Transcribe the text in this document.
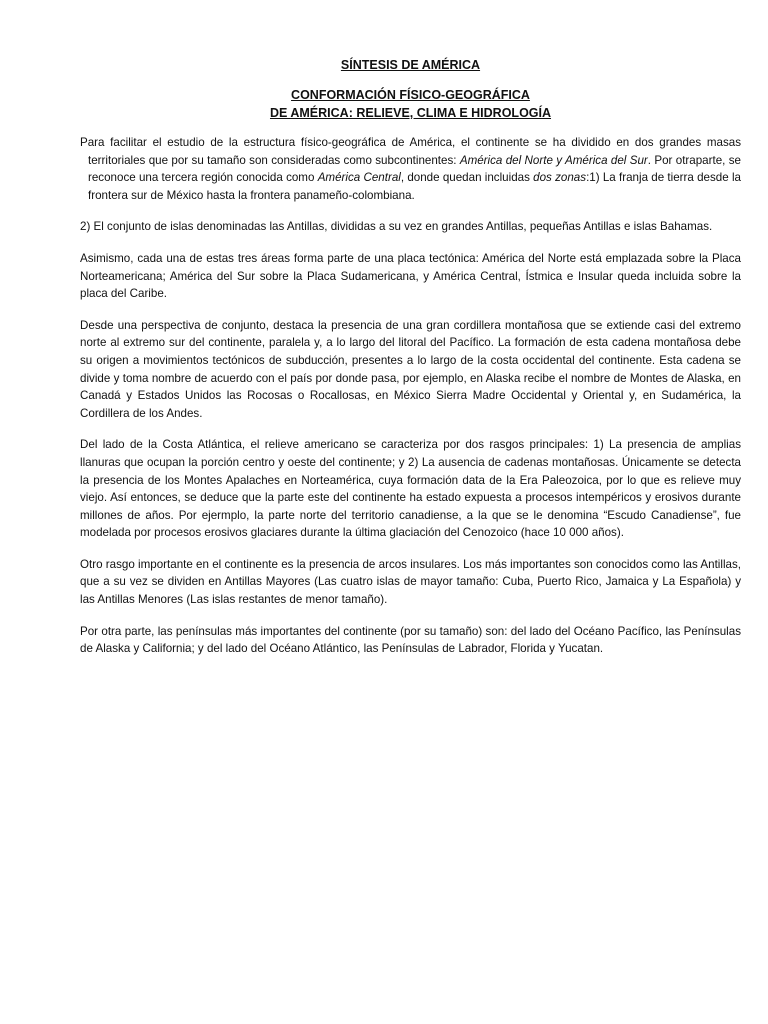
SÍNTESIS DE AMÉRICA
CONFORMACIÓN FÍSICO-GEOGRÁFICA
DE AMÉRICA: RELIEVE, CLIMA E HIDROLOGÍA

Para facilitar el estudio de la estructura físico-geográfica de América, el continente se ha dividido en dos grandes masas territoriales que por su tamaño son consideradas como subcontinentes: América del Norte y América del Sur. Por otraparte, se reconoce una tercera región conocida como América Central, donde quedan incluidas dos zonas:1) La franja de tierra desde la frontera sur de México hasta la frontera panameño-colombiana.

2) El conjunto de islas denominadas las Antillas, divididas a su vez en grandes Antillas, pequeñas Antillas e islas Bahamas.

Asimismo, cada una de estas tres áreas forma parte de una placa tectónica: América del Norte está emplazada sobre la Placa Norteamericana; América del Sur sobre la Placa Sudamericana, y América Central, Ístmica e Insular queda incluida sobre la placa del Caribe.

Desde una perspectiva de conjunto, destaca la presencia de una gran cordillera montañosa que se extiende casi del extremo norte al extremo sur del continente, paralela y, a lo largo del litoral del Pacífico. La formación de esta cadena montañosa debe su origen a movimientos tectónicos de subducción, presentes a lo largo de la costa occidental del continente. Esta cadena se divide y toma nombre de acuerdo con el país por donde pasa, por ejemplo, en Alaska recibe el nombre de Montes de Alaska, en Canadá y Estados Unidos las Rocosas o Rocallosas, en México Sierra Madre Occidental y Oriental y, en Sudamérica, la Cordillera de los Andes.

Del lado de la Costa Atlántica, el relieve americano se caracteriza por dos rasgos principales: 1) La presencia de amplias llanuras que ocupan la porción centro y oeste del continente; y 2) La ausencia de cadenas montañosas. Únicamente se detecta la presencia de los Montes Apalaches en Norteamérica, cuya formación data de la Era Paleozoica, por lo que es relieve muy viejo. Así entonces, se deduce que la parte este del continente ha estado expuesta a procesos intempéricos y erosivos durante millones de años. Por ejermplo, la parte norte del territorio canadiense, a la que se le denomina “Escudo Canadiense”, fue modelada por procesos erosivos glaciares durante la última glaciación del Cenozoico (hace 10 000 años).

Otro rasgo importante en el continente es la presencia de arcos insulares. Los más importantes son conocidos como las Antillas, que a su vez se dividen en Antillas Mayores (Las cuatro islas de mayor tamaño: Cuba, Puerto Rico, Jamaica y La Española) y las Antillas Menores (Las islas restantes de menor tamaño).

Por otra parte, las penínsulas más importantes del continente (por su tamaño) son: del lado del Océano Pacífico, las Penínsulas de Alaska y California; y del lado del Océano Atlántico, las Penínsulas de Labrador, Florida y Yucatan.
